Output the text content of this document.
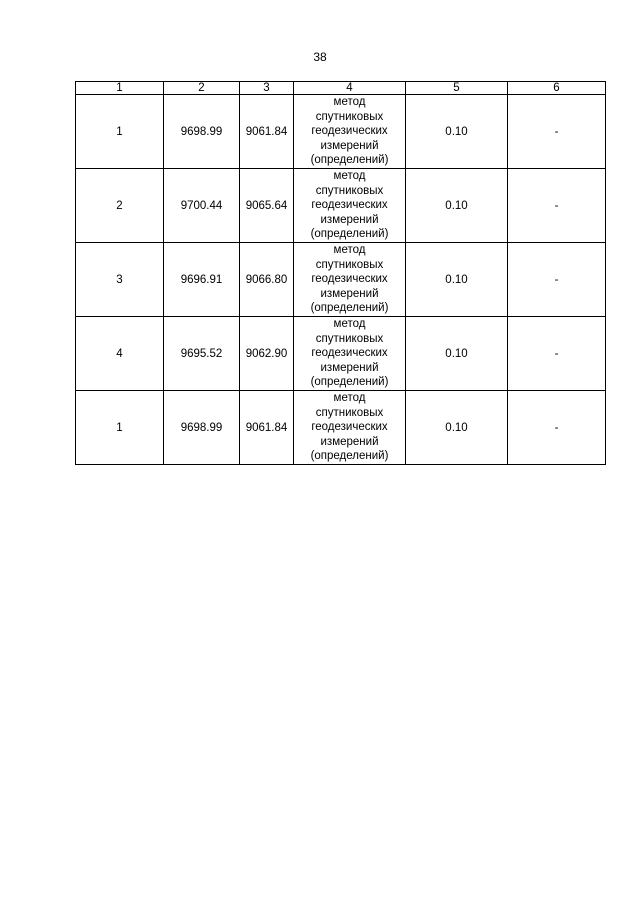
38
1	2	3	4	5	6
1	9698.99	9061.84	метод
спутниковых
геодезических
измерений
(определений)	0.10	-
2	9700.44	9065.64	метод
спутниковых
геодезических
измерений
(определений)	0.10	-
3	9696.91	9066.80	метод
спутниковых
геодезических
измерений
(определений)	0.10	-
4	9695.52	9062.90	метод
спутниковых
геодезических
измерений
(определений)	0.10	-
1	9698.99	9061.84	метод
спутниковых
геодезических
измерений
(определений)	0.10	-
